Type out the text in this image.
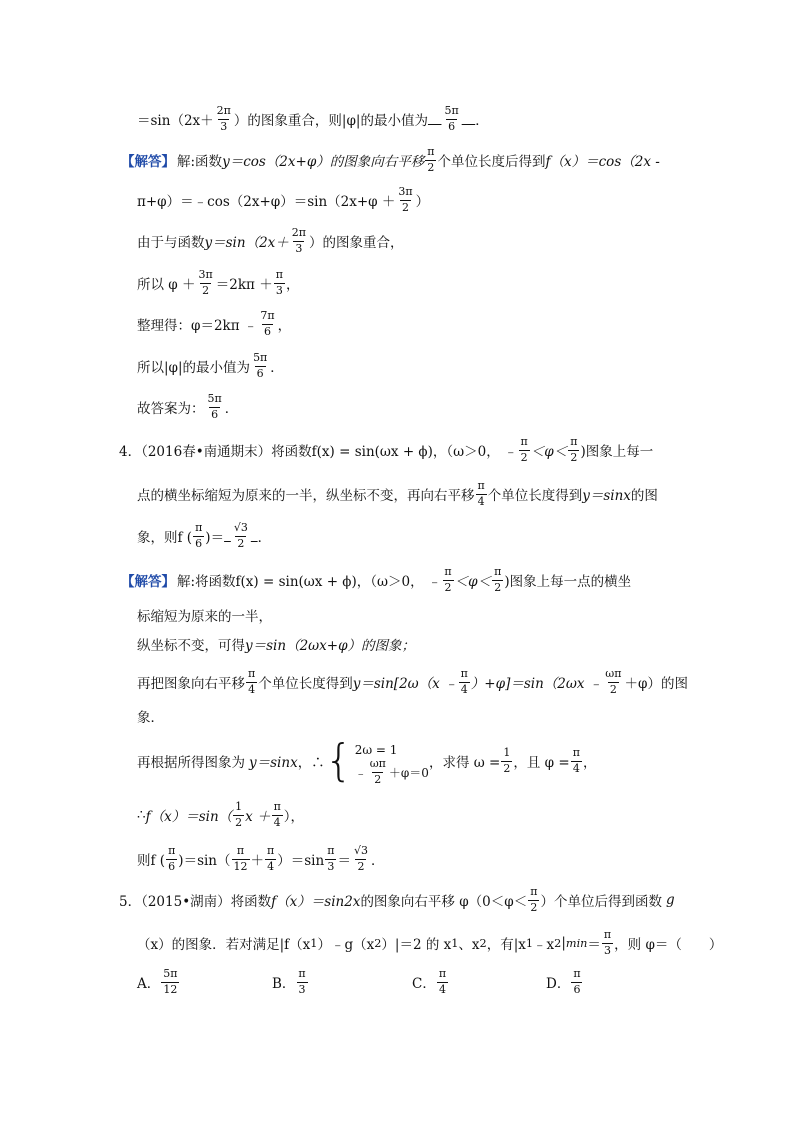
$=\sin(2x+ \frac{2\pi}{3}$ ）的图象重合，则|φ|的最小值为
  $\frac{5\pi}{6}$
  ．
【解答】 解:函数 y＝cos（2x+φ）的图象向右平移 $\frac{\pi}{2}$ 个单位长度后得到 f（x）＝cos（2x -
π+φ）＝﹣cos（2x+φ）＝sin（2x+φ ＋ $\frac{3\pi}{2}$ ）
由于与函数 $y=\sin(2x+ \frac{2\pi}{3}$ ）的图象重合，
所以 $\varphi + \frac{3\pi}{2} =2k\pi + \frac{\pi}{3}$ ，
整理得：φ＝2kπ ﹣ $\frac{7\pi}{6}$ ，
所以|φ|的最小值为 $\frac{5\pi}{6}$ ．
故答案为： $\frac{5\pi}{6}$ ．
4．（2016春•南通期末）将函数f(x) = sin(ωx + ϕ)，（ω＞0， ﹣ $\frac{\pi}{2} <\varphi< \frac{\pi}{2}$ )图象上每一
点的横坐标缩短为原来的一半，纵坐标不变，再向右平移 $\frac{\pi}{4}$ 个单位长度得到 y＝sinx 的图
象，则f ( $\frac{\pi}{6}$ )＝
  $\frac{√3}{2}$
  ．
【解答】 解:将函数f(x) = sin(ωx + ϕ)，（ω＞0， ﹣ $\frac{\pi}{2} <\varphi< \frac{\pi}{2}$ )图象上每一点的横坐
标缩短为原来的一半，
纵坐标不变，可得 y＝sin（2ωx+φ）的图象；
再把图象向右平移 $\frac{\pi}{4}$ 个单位长度得到 y＝sin[2ω（x ﹣ $\frac{\pi}{4} )+\varphi]=\sin(2\omega x$ ﹣ $\frac{\omega\pi}{2} +\varphi$）的图
象．
再根据所得图象为 y＝sinx ，∴ { 2ω = 1
﹣ $\frac{\omega\pi}{2} +\varphi=0$
，求得 $\omega = \frac{1}{2}$ ，且 $\varphi = \frac{\pi}{4}$ ，
∴ $f(x)=\sin( \frac{1}{2}$ $x + \frac{\pi}{4}$ ），
则f ( $\frac{\pi}{6} )=\sin( \frac{\pi}{12} + \frac{\pi}{4} )=\sin \frac{\pi}{3} = \frac{√3}{2}$ ．
5．（2015•湖南）将函数 f（x）＝sin2x 的图象向右平移 $\varphi(0<\varphi< \frac{\pi}{2}$ ）个单位后得到函数 g
（x）的图象．若对满足|f（x 1 ）﹣g（x 2 ）|＝2 的 x 1 、x 2 ，有|x 1 ﹣x 2 | $\min = \frac{\pi}{3}$ ，则 φ＝（　　）
A． $\frac{5\pi}{12}$	B． $\frac{\pi}{3}$	C． $\frac{\pi}{4}$	D． $\frac{\pi}{6}$
